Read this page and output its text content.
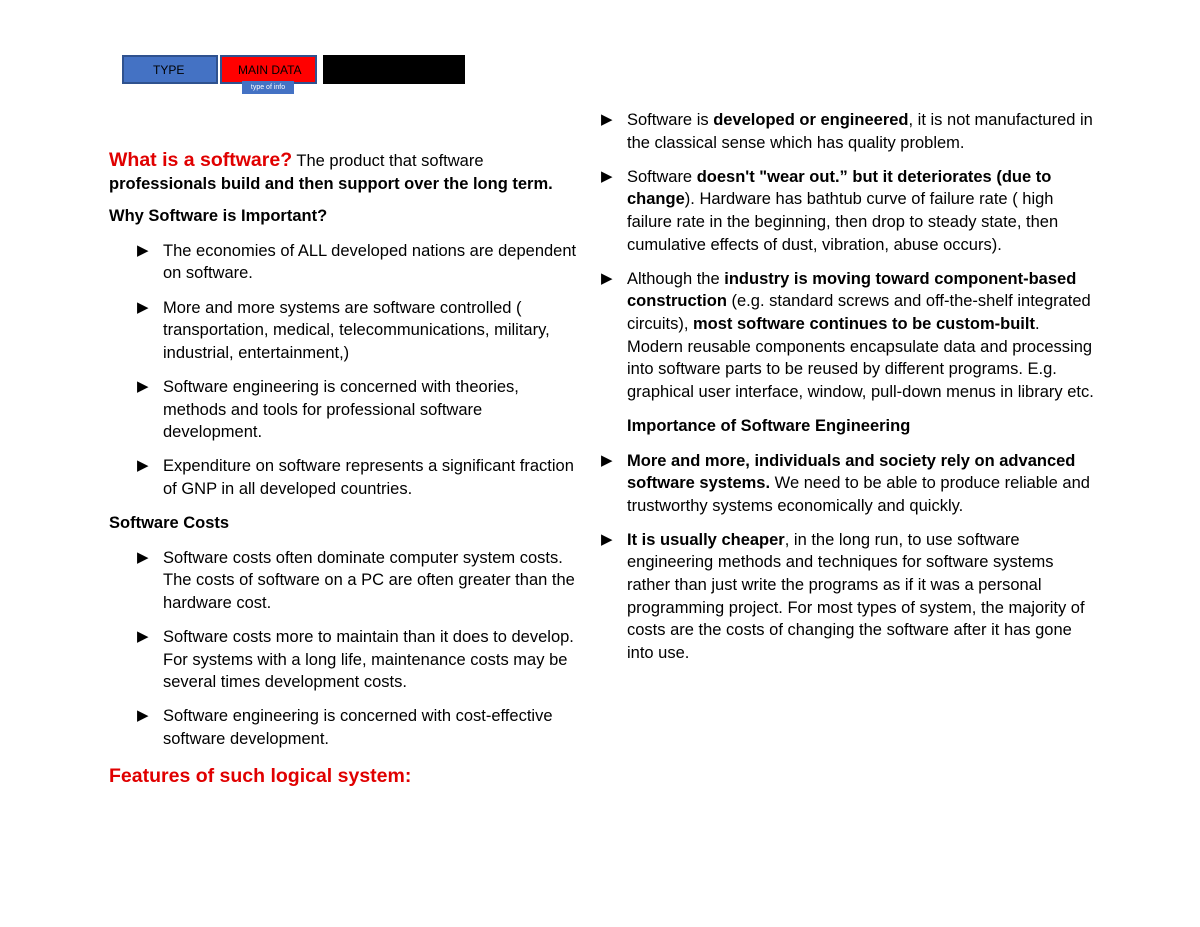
TYPE	MAIN DATA
type of info

What is a software? The product that software professionals build and then support over the long term.

Why Software is Important?

▶ The economies of ALL developed nations are dependent on software.
▶ More and more systems are software controlled ( transportation, medical, telecommunications, military, industrial, entertainment,)
▶ Software engineering is concerned with theories, methods and tools for professional software development.
▶ Expenditure on software represents a significant fraction of GNP in all developed countries.

Software Costs

▶ Software costs often dominate computer system costs. The costs of software on a PC are often greater than the hardware cost.
▶ Software costs more to maintain than it does to develop. For systems with a long life, maintenance costs may be several times development costs.
▶ Software engineering is concerned with cost-effective software development.

Features of such logical system:

▶ Software is developed or engineered, it is not manufactured in the classical sense which has quality problem.
▶ Software doesn't "wear out.” but it deteriorates (due to change). Hardware has bathtub curve of failure rate ( high failure rate in the beginning, then drop to steady state, then cumulative effects of dust, vibration, abuse occurs).
▶ Although the industry is moving toward component-based construction (e.g. standard screws and off-the-shelf integrated circuits), most software continues to be custom-built. Modern reusable components encapsulate data and processing into software parts to be reused by different programs. E.g. graphical user interface, window, pull-down menus in library etc.

Importance of Software Engineering

▶ More and more, individuals and society rely on advanced software systems. We need to be able to produce reliable and trustworthy systems economically and quickly.
▶ It is usually cheaper, in the long run, to use software engineering methods and techniques for software systems rather than just write the programs as if it was a personal programming project. For most types of system, the majority of costs are the costs of changing the software after it has gone into use.
